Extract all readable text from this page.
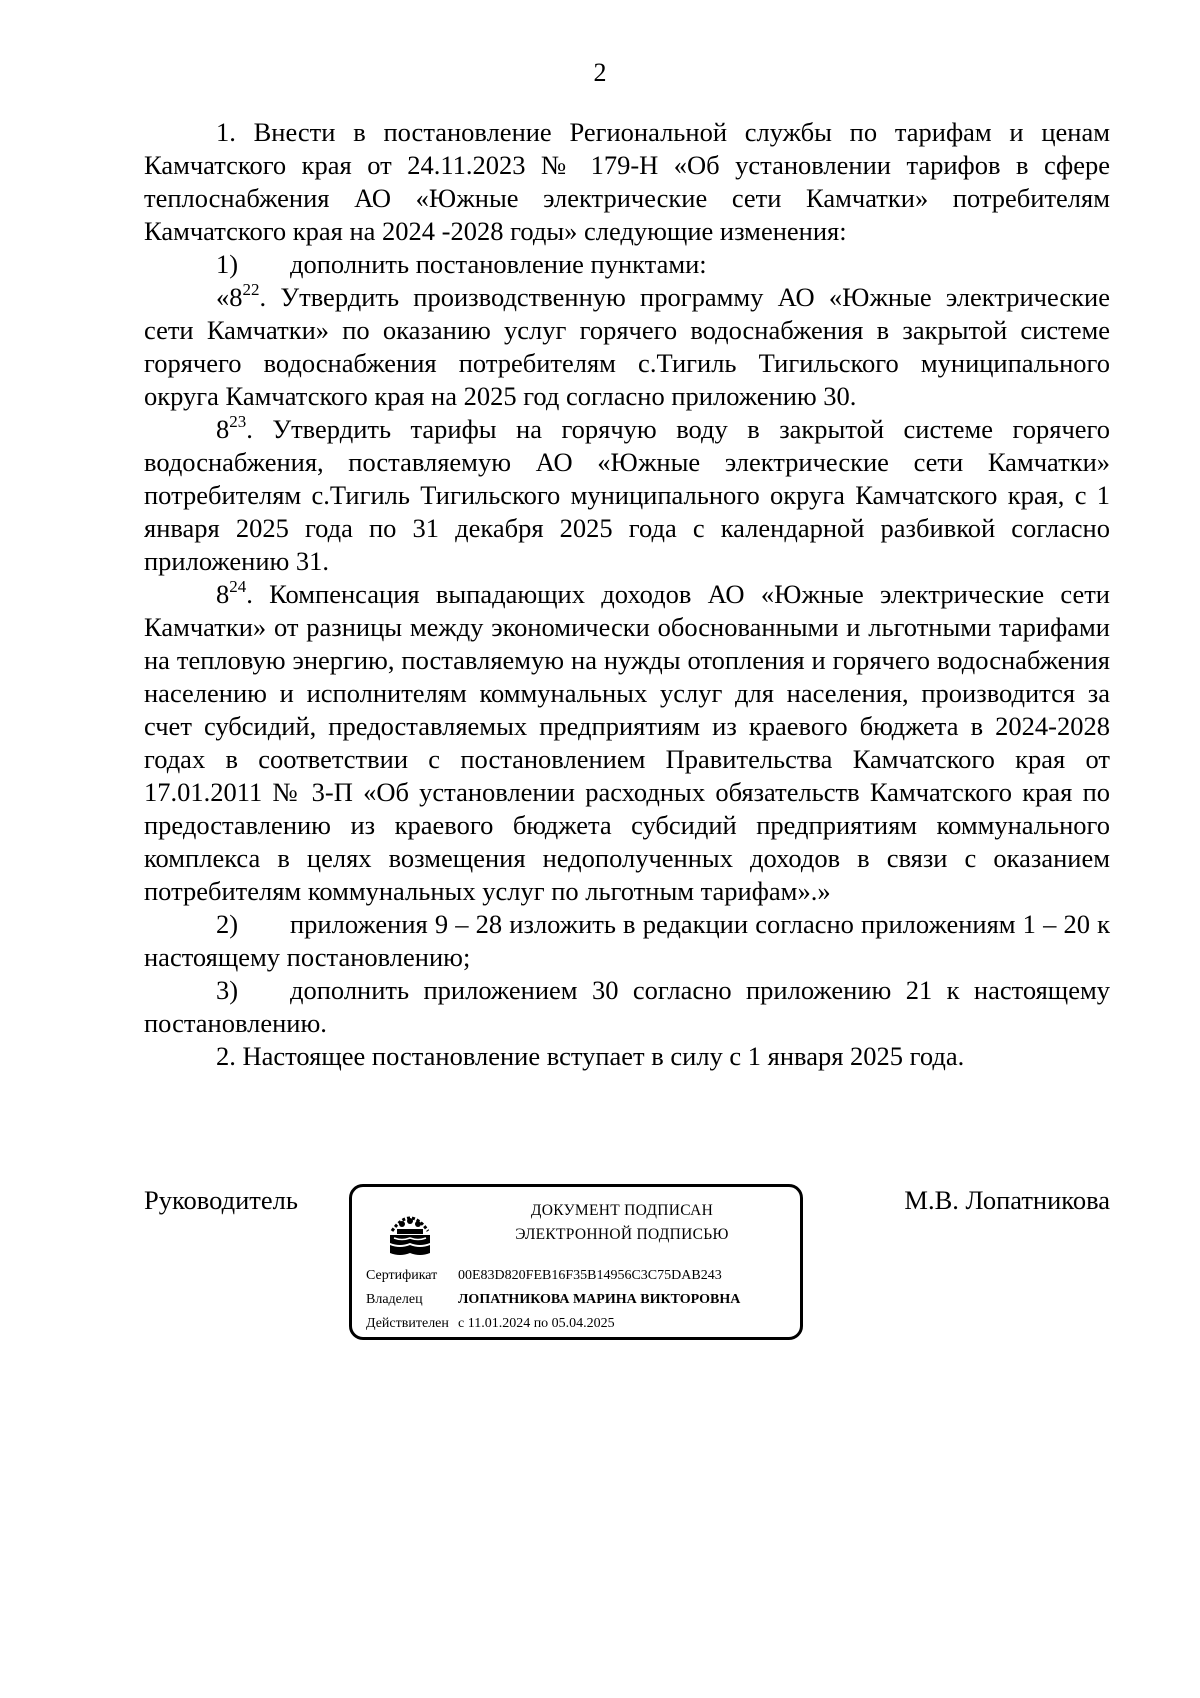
2

1. Внести в постановление Региональной службы по тарифам и ценам Камчатского края от 24.11.2023 № 179-Н «Об установлении тарифов в сфере теплоснабжения АО «Южные электрические сети Камчатки» потребителям Камчатского края на 2024 -2028 годы» следующие изменения:

1) дополнить постановление пунктами:

«$8^{22}$. Утвердить производственную программу АО «Южные электрические сети Камчатки» по оказанию услуг горячего водоснабжения в закрытой системе горячего водоснабжения потребителям с.Тигиль Тигильского муниципального округа Камчатского края на 2025 год согласно приложению 30.

$8^{23}$. Утвердить тарифы на горячую воду в закрытой системе горячего водоснабжения, поставляемую АО «Южные электрические сети Камчатки» потребителям с.Тигиль Тигильского муниципального округа Камчатского края, с 1 января 2025 года по 31 декабря 2025 года с календарной разбивкой согласно приложению 31.

$8^{24}$. Компенсация выпадающих доходов АО «Южные электрические сети Камчатки» от разницы между экономически обоснованными и льготными тарифами на тепловую энергию, поставляемую на нужды отопления и горячего водоснабжения населению и исполнителям коммунальных услуг для населения, производится за счет субсидий, предоставляемых предприятиям из краевого бюджета в 2024-2028 годах в соответствии с постановлением Правительства Камчатского края от 17.01.2011 № 3-П «Об установлении расходных обязательств Камчатского края по предоставлению из краевого бюджета субсидий предприятиям коммунального комплекса в целях возмещения недополученных доходов в связи с оказанием потребителям коммунальных услуг по льготным тарифам».»

2) приложения 9 – 28 изложить в редакции согласно приложениям 1 – 20 к настоящему постановлению;

3) дополнить приложением 30 согласно приложению 21 к настоящему постановлению.

2. Настоящее постановление вступает в силу с 1 января 2025 года.

Руководитель	М.В. Лопатникова
ДОКУМЕНТ ПОДПИСАН
ЭЛЕКТРОННОЙ ПОДПИСЬЮ
Сертификат 00E83D820FEB16F35B14956C3C75DAB243
Владелец	ЛОПАТНИКОВА МАРИНА ВИКТОРОВНА
Действителен с 11.01.2024 по 05.04.2025
